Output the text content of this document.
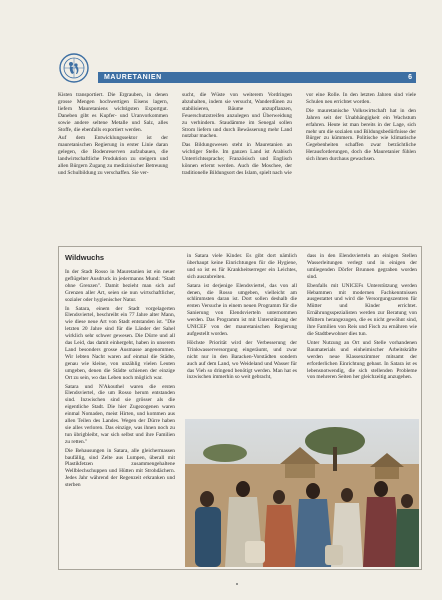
MAURETANIEN	6

Kisten transportiert. Die Ergrauben, in denen grosse Mengen hochwertigen Eisens lagern, liefern Mauretaniens wichtigsten Exportgut. Daneben gibt es Kupfer- und Uranvorkommen sowie andere seltene Metalle und Salz, alles Stoffe, die ebenfalls exportiert werden.

Auf dem Entwicklungssektor ist der mauretanischen Regierung in erster Linie daran gelegen, die Bodenreserven aufzubauen, die landwirtschaftliche Produktion zu steigern und allen Bürgern Zugang zu medizinischer Betreuung und Schulbildung zu verschaffen. Sie ver-

sucht, die Wüste von weiterem Vordringen abzuhalten, indem sie versucht, Wanderdünen zu stabilisieren, Bäume anzupflanzen, Feuerschutzstreifen anzulegen und Überweidung zu verhindern. Staudämme im Senegal sollen Strom liefern und durch Bewässerung mehr Land nutzbar machen.

Das Bildungswesen steht in Mauretanien an wichtiger Stelle. Im ganzen Land ist Arabisch Unterrichtssprache; Französisch und Englisch können erlernt werden. Auch die Moschee, der traditionelle Bildungsort des Islam, spielt nach wie

vor eine Rolle. In den letzten Jahren sind viele Schulen neu errichtet worden.

Die mauretanische Volkswirtschaft hat in den Jahren seit der Unabhängigkeit ein Wachstum erfahren. Heute ist man bereits in der Lage, sich mehr um die sozialen und Bildungsbedürfnisse der Bürger zu kümmern. Politische wie klimatische Gegebenheiten schaffen zwar beträchtliche Herausforderungen, doch die Mauretanier fühlen sich ihnen durchaus gewachsen.

Wildwuchs

In der Stadt Rosso in Mauretanien ist ein neuer geflügelter Ausdruck in jedermanns Mund: "Stadt ohne Grenzen". Damit bezieht man sich auf Grenzen aller Art, seien sie nun wirtschaftlicher, sozialer oder hygienischer Natur.

In Satara, einem der Stadt vorgelagerten Elendsviertel, beschreibt ein 77 Jahre alter Mann, wie diese neue Art von Stadt entstanden ist. "Die letzten 20 Jahre sind für die Länder der Sahel wirklich sehr schwer gewesen. Die Dürre und all das Leid, das damit einhergeht, haben in unserem Land besonders grosse Ausmasse angenommen. Wir lebten Nacht waren auf einmal die Städte, genau wie kleine, von unzählig vielen Leuten umgeben, denen die Städte schienen der einzige Ort zu sein, wo das Leben noch möglich war.

Satara und N'Akouthel waren die ersten Elendsviertel, die um Rosso herum entstanden sind. Inzwischen sind sie grösser als die eigentliche Stadt. Die hier Zugezogenen waren einmal Nomaden, meist Hirten, und kommen aus allen Teilen des Landes. Wegen der Dürre haben sie alles verloren. Das einzige, was ihnen noch zu tun übrigbleibt, war sich selbst und ihre Familien zu retten."

Die Behausungen in Satara, alle gleichermassen baufällig, sind Zelte aus Lumpen, überall mit Plastikfetzen zusammengehaltene Wellblechschuppen und Hütten mit Strohdächern. Jedes Jahr während der Regenzeit erkranken und sterben

in Satara viele Kinder. Es gibt dort nämlich überhaupt keine Einrichtungen für die Hygiene, und so ist es für Krankheitserreger ein Leichtes, sich auszubreiten.

Satara ist derjenige Elendsviertel, das von all denen, die Rosso umgeben, vielleicht am schlimmsten daran ist. Dort sollen deshalb die ersten Versuche in einem neuen Programm für die Sanierung von Elendsvierteln unternommen werden. Das Programm ist mit Unterstützung der UNICEF von der mauretanischen Regierung aufgestellt worden.

Höchste Priorität wird der Verbesserung der Trinkwasserversorgung eingeräumt, und zwar nicht nur in den Baracken-Vorstädten sondern auch auf dem Land, wo Weideland und Wasser für das Vieh so dringend benötigt werden. Man hat es inzwischen immerhin so weit gebracht,

dass in den Elendsvierteln an einigen Stellen Wasserleitungen verlegt und in einigen der umliegenden Dörfer Brunnen gegraben worden sind.

Ebenfalls mit UNICEFs Unterstützung werden Hebammen mit modernen Fachkenntnissen ausgestattet und wird die Versorgungszentren für Mütter und Kinder errichtet. Ernährungsspezialisten werden zur Beratung von Müttern herangezogen, die es nicht gewöhnt sind, ihre Familien von Reis und Fisch zu ernähren wie die Stadtbewohner dies tun.

Unter Nutzung an Ort und Stelle vorhandenen Baumaterials und einheimischer Arbeitskräfte werden neue Klassenzimmer mitsamt der erforderlichen Einrichtung gebaut. In Satara ist es lebensnotwendig, die sich stellenden Probleme von mehreren Seiten her gleichzeitig anzugehen.
